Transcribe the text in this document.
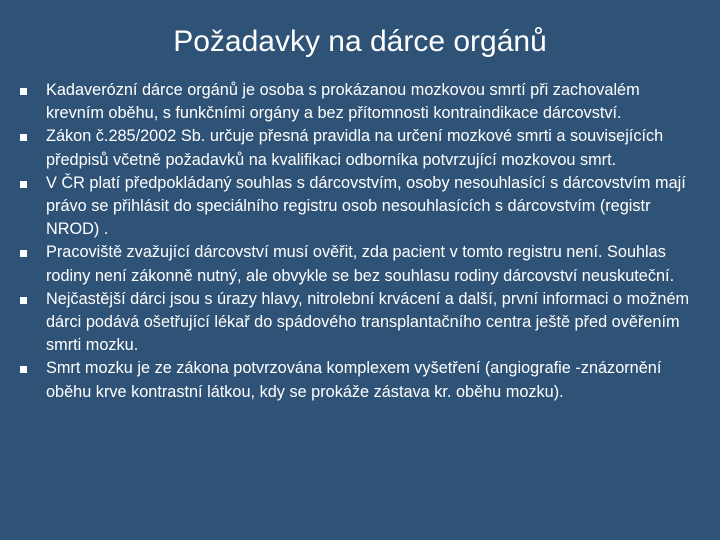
Požadavky na dárce orgánů
Kadaverózní dárce orgánů je osoba s prokázanou mozkovou smrtí při zachovalém krevním oběhu, s funkčními orgány a bez přítomnosti kontraindikace dárcovství.
Zákon č.285/2002 Sb. určuje přesná pravidla na určení mozkové smrti a souvisejících předpisů včetně požadavků na kvalifikaci odborníka potvrzující mozkovou smrt.
V ČR platí předpokládaný souhlas s dárcovstvím, osoby nesouhlasící s dárcovstvím mají právo se přihlásit do speciálního registru osob nesouhlasících s dárcovstvím (registr NROD) .
Pracoviště zvažující dárcovství musí ověřit, zda pacient v tomto registru není. Souhlas rodiny není zákonně nutný, ale obvykle se bez souhlasu rodiny dárcovství neuskuteční.
Nejčastější dárci jsou s úrazy hlavy, nitrolební krvácení a další, první informaci o možném dárci podává ošetřující lékař do spádového transplantačního centra ještě před ověřením smrti mozku.
Smrt mozku je ze zákona potvrzována komplexem vyšetření (angiografie -znázornění oběhu krve kontrastní látkou, kdy se prokáže zástava kr. oběhu mozku).
